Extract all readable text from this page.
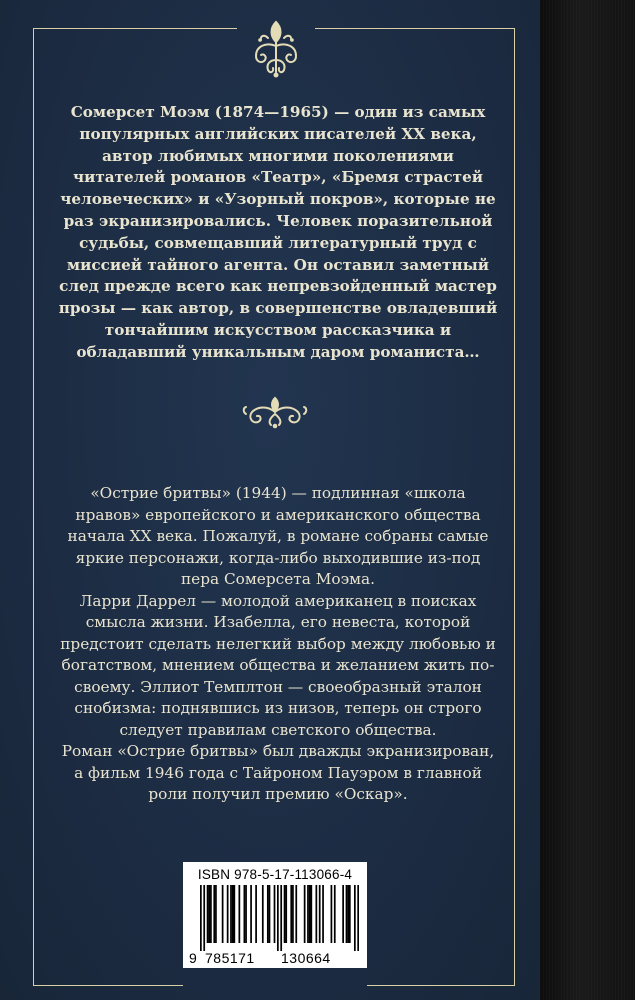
Сомерсет Моэм (1874—1965) — один из самых популярных английских писателей XX века, автор любимых многими поколениями читателей романов «Театр», «Бремя страстей человеческих» и «Узорный покров», которые не раз экранизировались. Человек поразительной судьбы, совмещавший литературный труд с миссией тайного агента. Он оставил заметный след прежде всего как непревзойденный мастер прозы — как автор, в совершенстве овладевший тончайшим искусством рассказчика и обладавший уникальным даром романиста…

«Острие бритвы» (1944) — подлинная «школа нравов» европейского и американского общества начала XX века. Пожалуй, в романе собраны самые яркие персонажи, когда-либо выходившие из-под пера Сомерсета Моэма.

Ларри Даррел — молодой американец в поисках смысла жизни. Изабелла, его невеста, которой предстоит сделать нелегкий выбор между любовью и богатством, мнением общества и желанием жить по-своему. Эллиот Темплтон — своеобразный эталон снобизма: поднявшись из низов, теперь он строго следует правилам светского общества.

Роман «Острие бритвы» был дважды экранизирован, а фильм 1946 года с Тайроном Пауэром в главной роли получил премию «Оскар».

ISBN 978-5-17-113066-4
9 785171 130664
